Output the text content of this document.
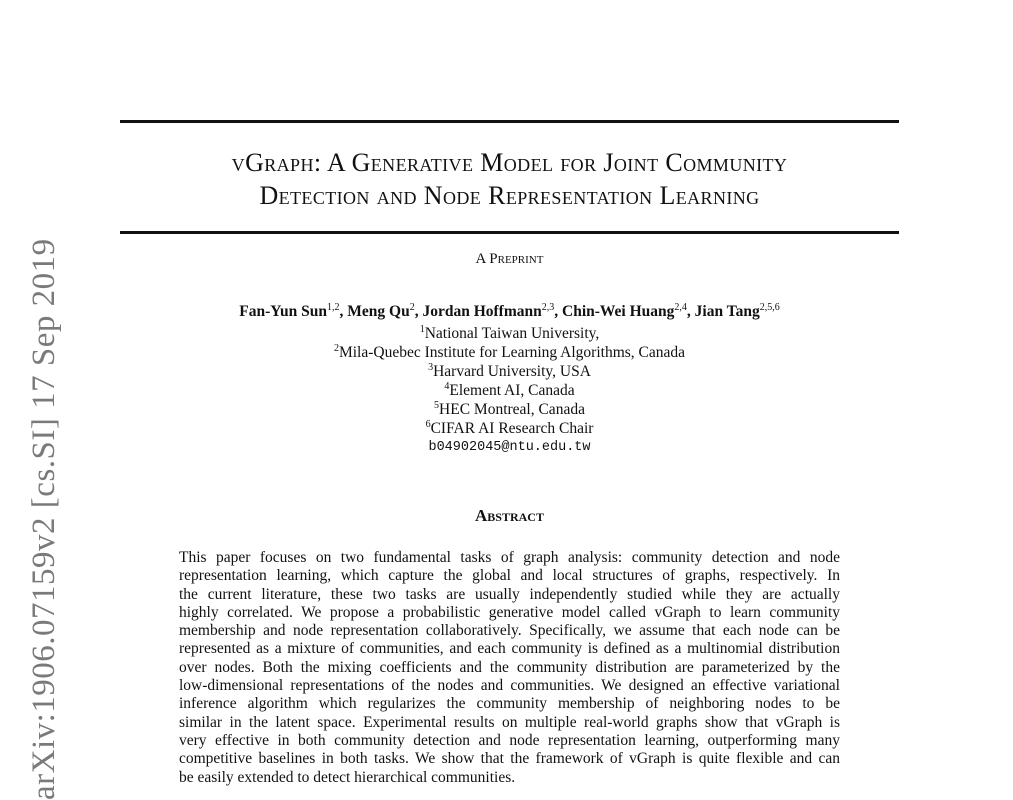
vGraph: A Generative Model for Joint Community
Detection and Node Representation Learning
A Preprint
Fan-Yun Sun$^{1,2}$, Meng Qu$^2$, Jordan Hoffmann$^{2,3}$, Chin-Wei Huang$^{2,4}$, Jian Tang$^{2,5,6}$
$^1$National Taiwan University,
$^2$Mila-Quebec Institute for Learning Algorithms, Canada
$^3$Harvard University, USA
$^4$Element AI, Canada
$^5$HEC Montreal, Canada
$^6$CIFAR AI Research Chair
b04902045@ntu.edu.tw
Abstract
This paper focuses on two fundamental tasks of graph analysis: community detection and node
representation learning, which capture the global and local structures of graphs, respectively. In
the current literature, these two tasks are usually independently studied while they are actually
highly correlated. We propose a probabilistic generative model called vGraph to learn community
membership and node representation collaboratively. Specifically, we assume that each node can be
represented as a mixture of communities, and each community is defined as a multinomial distribution
over nodes. Both the mixing coefficients and the community distribution are parameterized by the
low-dimensional representations of the nodes and communities. We designed an effective variational
inference algorithm which regularizes the community membership of neighboring nodes to be
similar in the latent space. Experimental results on multiple real-world graphs show that vGraph is
very effective in both community detection and node representation learning, outperforming many
competitive baselines in both tasks. We show that the framework of vGraph is quite flexible and can
be easily extended to detect hierarchical communities.
arXiv:1906.07159v2 [cs.SI] 17 Sep 2019
